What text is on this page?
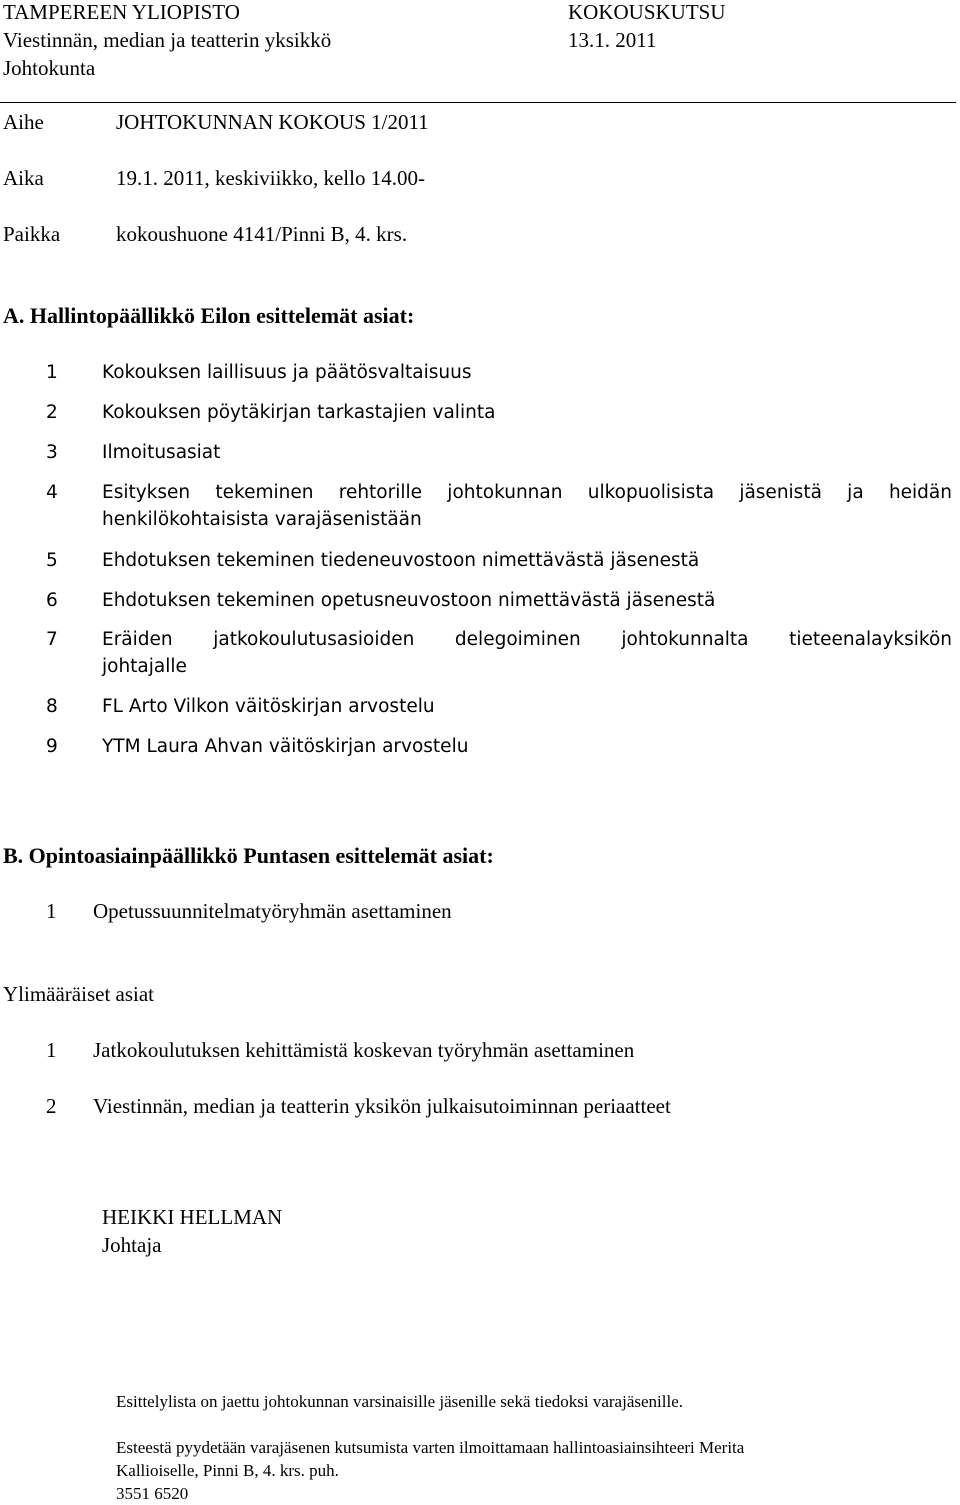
TAMPEREEN YLIOPISTO	KOKOUSKUTSU
Viestinnän, median ja teatterin yksikkö	13.1. 2011
Johtokunta
Aihe	JOHTOKUNNAN KOKOUS 1/2011
Aika	19.1. 2011, keskiviikko, kello 14.00-
Paikka	kokoushuone 4141/Pinni B, 4. krs.
A. Hallintopäällikkö Eilon esittelemät asiat:
1 Kokouksen laillisuus ja päätösvaltaisuus
2 Kokouksen pöytäkirjan tarkastajien valinta
3 Ilmoitusasiat
4 Esityksen tekeminen rehtorille johtokunnan ulkopuolisista jäsenistä ja heidän
henkilökohtaisista varajäsenistään
5 Ehdotuksen tekeminen tiedeneuvostoon nimettävästä jäsenestä
6 Ehdotuksen tekeminen opetusneuvostoon nimettävästä jäsenestä
7 Eräiden jatkokoulutusasioiden delegoiminen johtokunnalta tieteenalayksikön
johtajalle
8 FL Arto Vilkon väitöskirjan arvostelu
9 YTM Laura Ahvan väitöskirjan arvostelu
B. Opintoasiainpäällikkö Puntasen esittelemät asiat:
1 Opetussuunnitelmatyöryhmän asettaminen
Ylimääräiset asiat
1 Jatkokoulutuksen kehittämistä koskevan työryhmän asettaminen
2 Viestinnän, median ja teatterin yksikön julkaisutoiminnan periaatteet
HEIKKI HELLMAN
Johtaja
Esittelylista on jaettu johtokunnan varsinaisille jäsenille sekä tiedoksi varajäsenille.
Esteestä pyydetään varajäsenen kutsumista varten ilmoittamaan hallintoasiainsihteeri Merita
Kallioiselle, Pinni B, 4. krs. puh.
3551 6520
